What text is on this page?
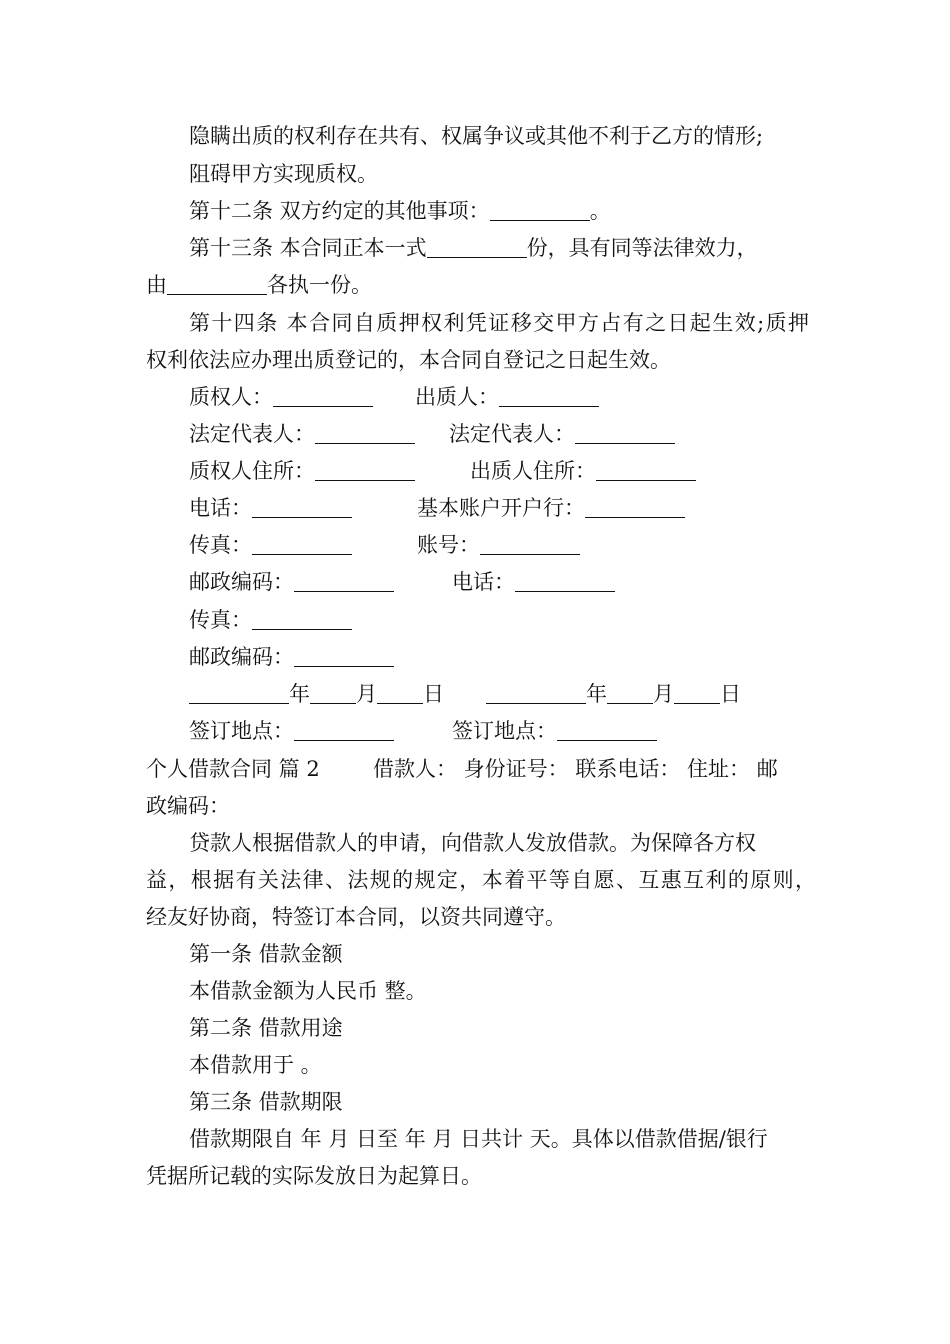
隐瞒出质的权利存在共有、权属争议或其他不利于乙方的情形;
阻碍甲方实现质权。
第十二条 双方约定的其他事项：	。
第十三条 本合同正本一式	份，具有同等法律效力，
由	各执一份。
第十四条 本合同自质押权利凭证移交甲方占有之日起生效;质押
权利依法应办理出质登记的，本合同自登记之日起生效。
质权人：	出质人：
法定代表人：	法定代表人：
质权人住所：	出质人住所：
电话：	基本账户开户行：
传真：	账号：
邮政编码：	电话：
传真：
邮政编码：
年 月 日	年 月 日
签订地点：	签订地点：
个人借款合同 篇 2	借款人： 身份证号： 联系电话： 住址： 邮
政编码：
贷款人根据借款人的申请，向借款人发放借款。为保障各方权
益，根据有关法律、法规的规定，本着平等自愿、互惠互利的原则，
经友好协商，特签订本合同，以资共同遵守。
第一条 借款金额
本借款金额为人民币 整。
第二条 借款用途
本借款用于 。
第三条 借款期限
借款期限自 年 月 日至 年 月 日共计 天。具体以借款借据/银行
凭据所记载的实际发放日为起算日。
